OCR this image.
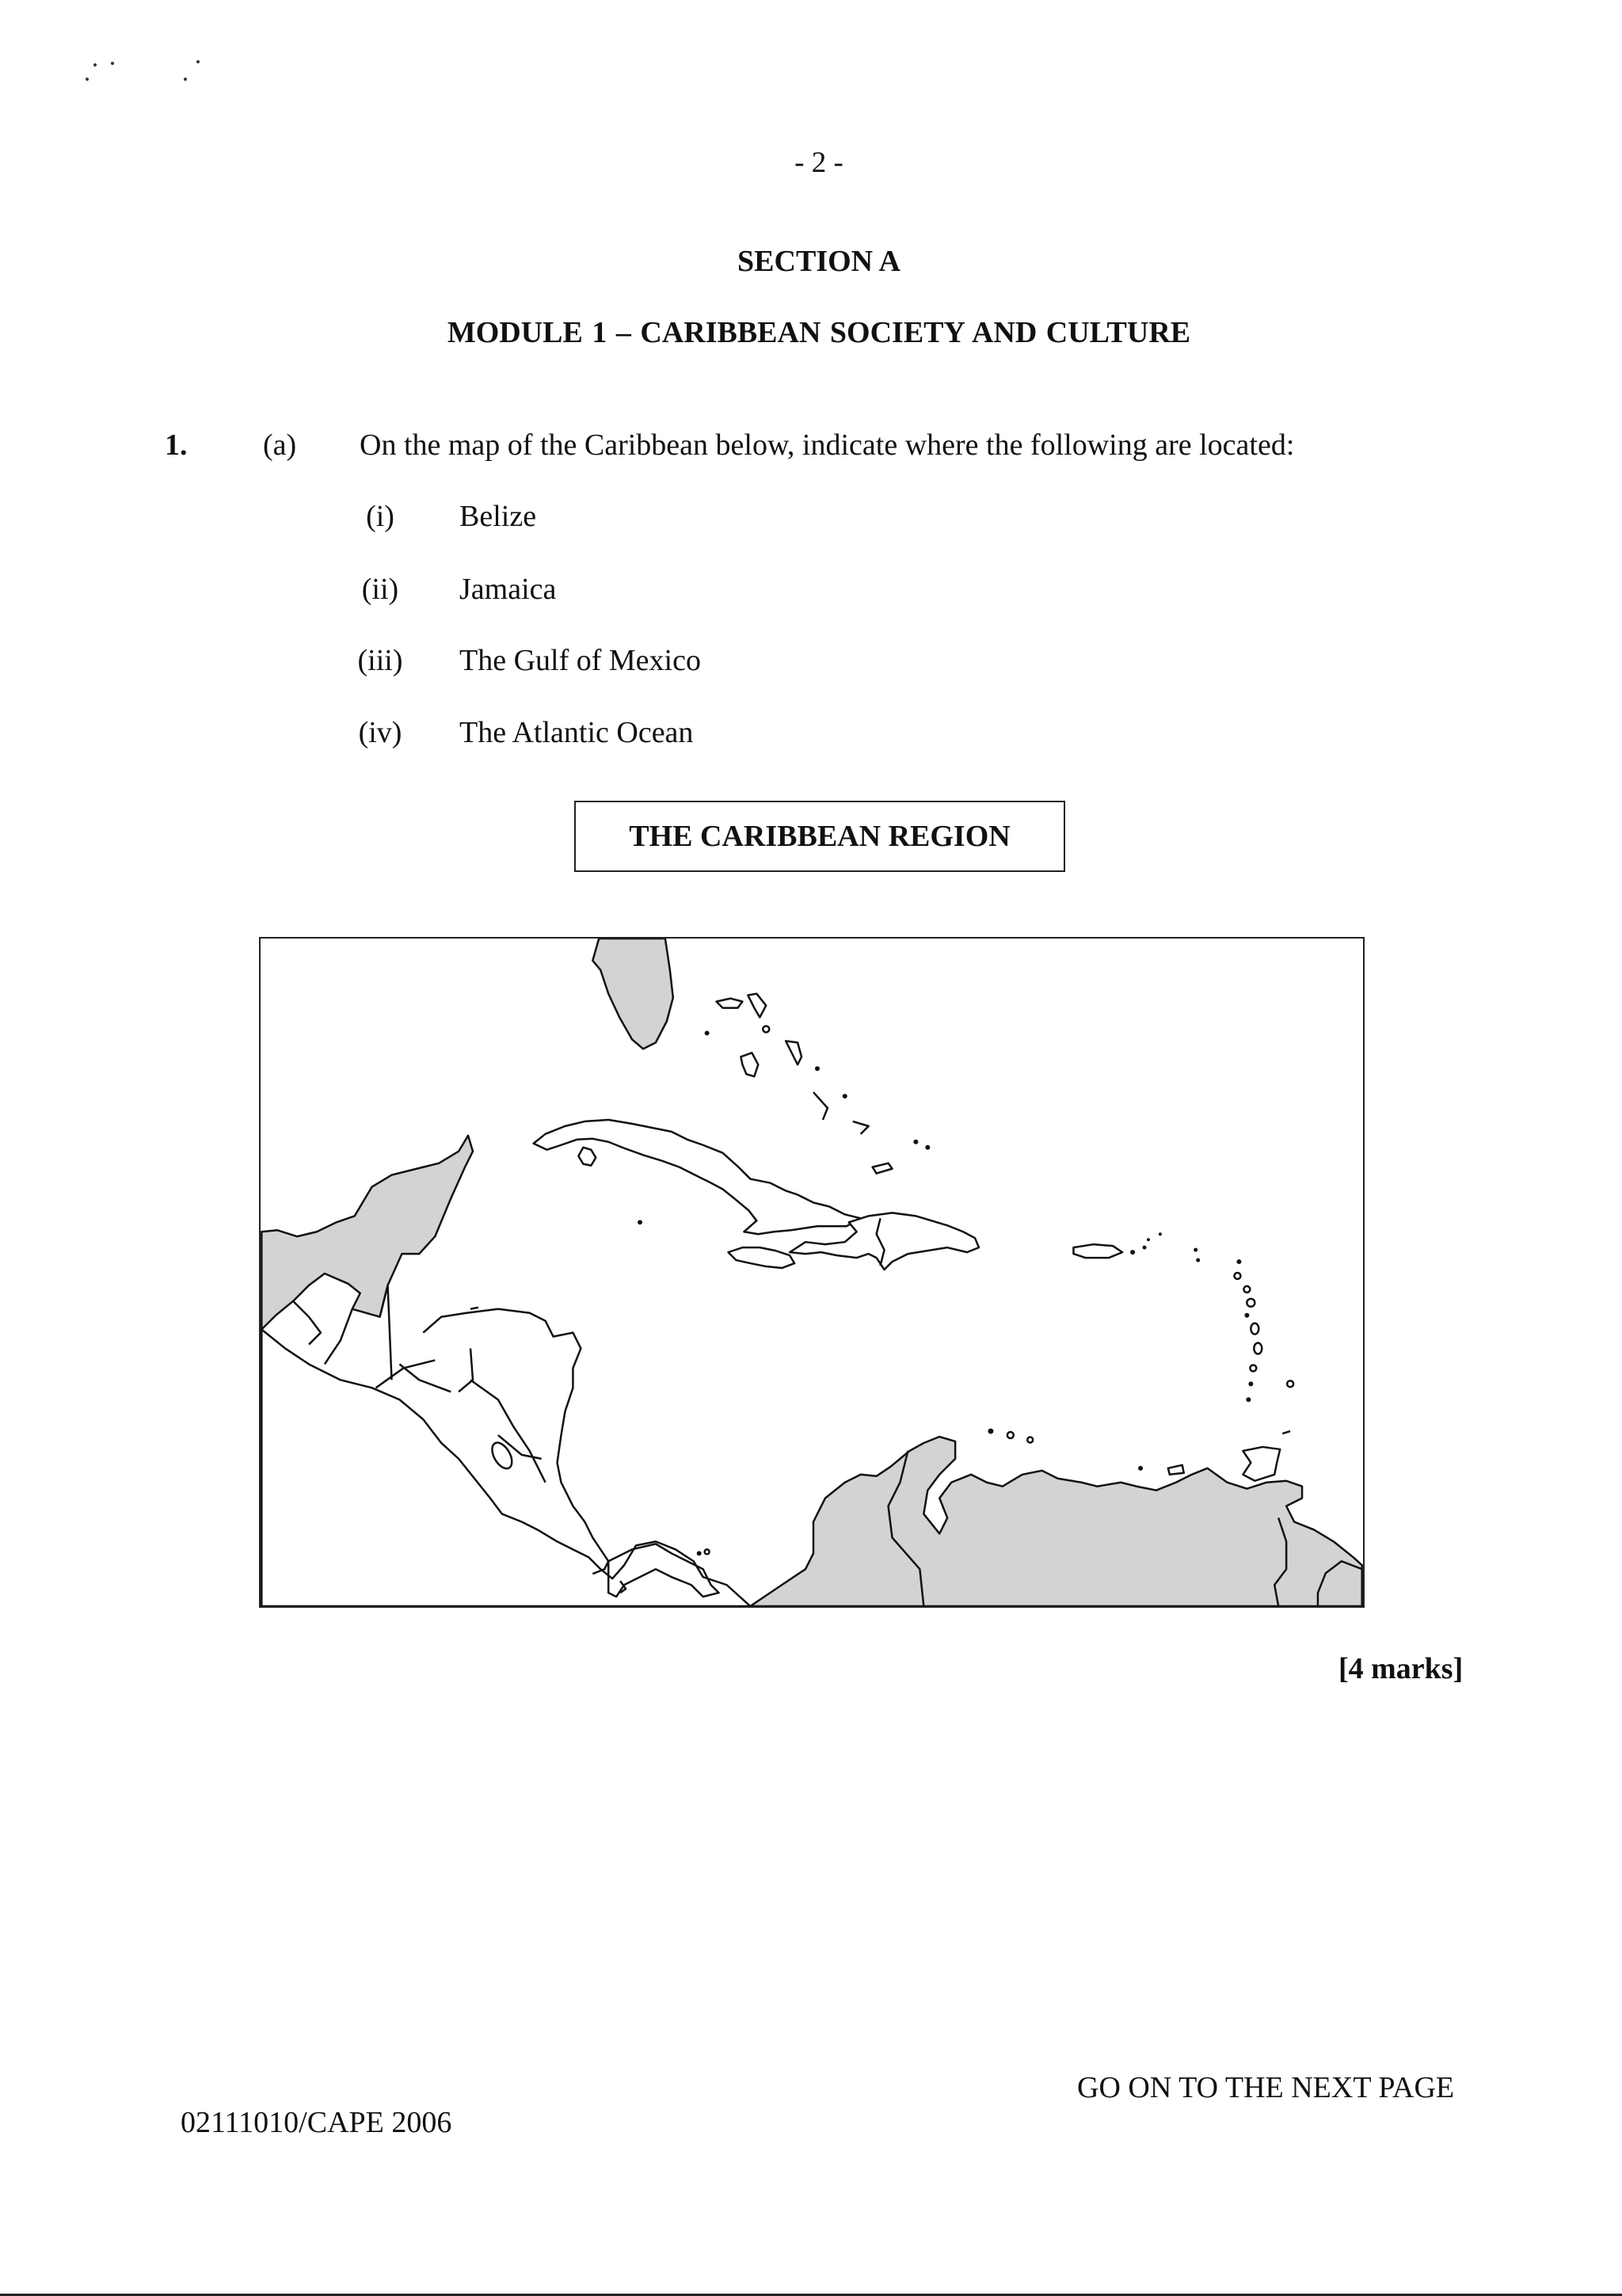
- 2 -
SECTION A
MODULE 1 – CARIBBEAN SOCIETY AND CULTURE
1.	(a) On the map of the Caribbean below, indicate where the following are located:
(i)	Belize
(ii)	Jamaica
(iii)	The Gulf of Mexico
(iv)	The Atlantic Ocean
THE CARIBBEAN REGION
[4 marks]
GO ON TO THE NEXT PAGE
02111010/CAPE 2006
